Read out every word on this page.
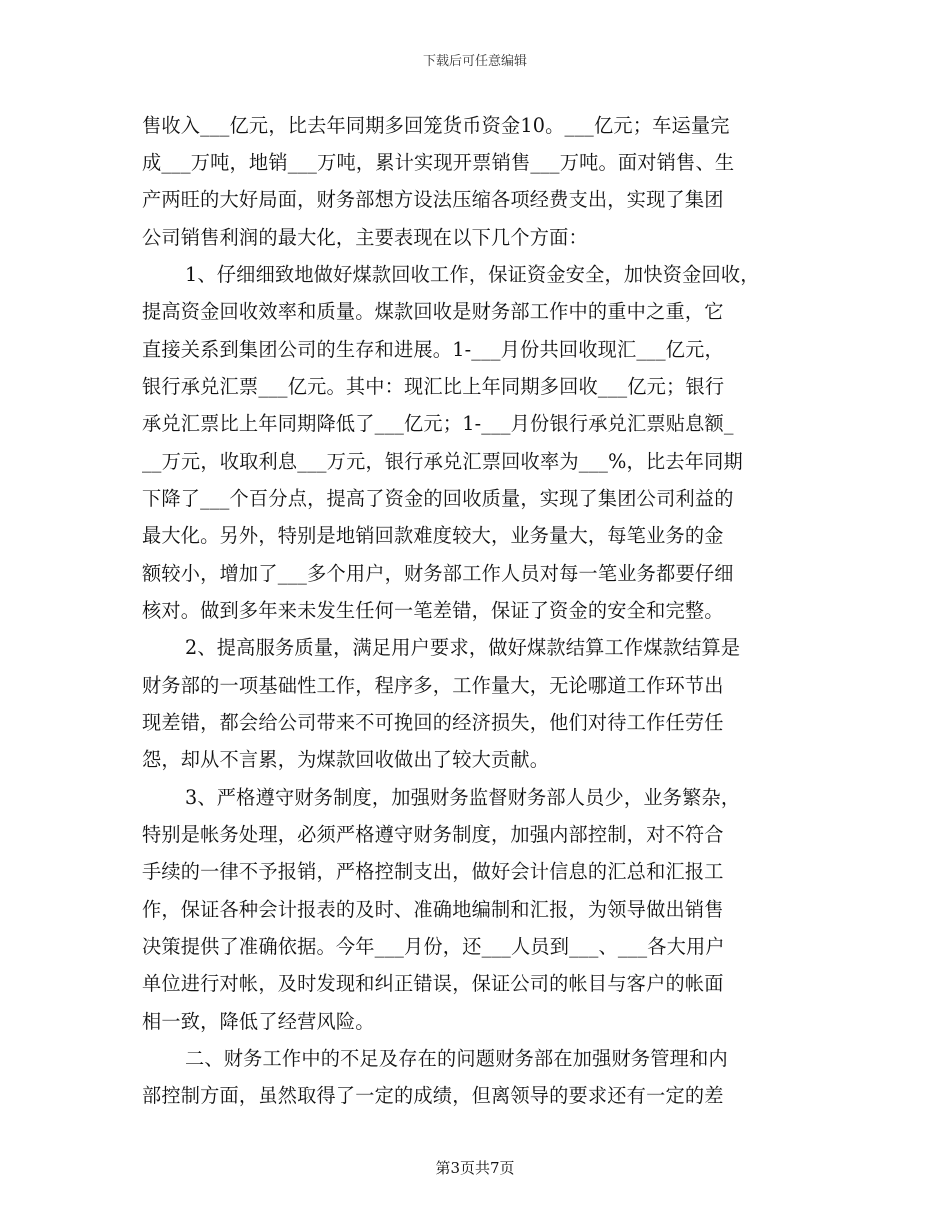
下载后可任意编辑
售收入___亿元，比去年同期多回笼货币资金10。___亿元；车运量完
成___万吨，地销___万吨，累计实现开票销售___万吨。面对销售、生
产两旺的大好局面，财务部想方设法压缩各项经费支出，实现了集团
公司销售利润的最大化，主要表现在以下几个方面：
1、仔细细致地做好煤款回收工作，保证资金安全，加快资金回收，
提高资金回收效率和质量。煤款回收是财务部工作中的重中之重，它
直接关系到集团公司的生存和进展。1-___月份共回收现汇___亿元，
银行承兑汇票___亿元。其中：现汇比上年同期多回收___亿元；银行
承兑汇票比上年同期降低了___亿元；1-___月份银行承兑汇票贴息额_
__万元，收取利息___万元，银行承兑汇票回收率为___%，比去年同期
下降了___个百分点，提高了资金的回收质量，实现了集团公司利益的
最大化。另外，特别是地销回款难度较大，业务量大，每笔业务的金
额较小，增加了___多个用户，财务部工作人员对每一笔业务都要仔细
核对。做到多年来未发生任何一笔差错，保证了资金的安全和完整。
2、提高服务质量，满足用户要求，做好煤款结算工作煤款结算是
财务部的一项基础性工作，程序多，工作量大，无论哪道工作环节出
现差错，都会给公司带来不可挽回的经济损失，他们对待工作任劳任
怨，却从不言累，为煤款回收做出了较大贡献。
3、严格遵守财务制度，加强财务监督财务部人员少，业务繁杂，
特别是帐务处理，必须严格遵守财务制度，加强内部控制，对不符合
手续的一律不予报销，严格控制支出，做好会计信息的汇总和汇报工
作，保证各种会计报表的及时、准确地编制和汇报，为领导做出销售
决策提供了准确依据。今年___月份，还___人员到___、___各大用户
单位进行对帐，及时发现和纠正错误，保证公司的帐目与客户的帐面
相一致，降低了经营风险。
二、财务工作中的不足及存在的问题财务部在加强财务管理和内
部控制方面，虽然取得了一定的成绩，但离领导的要求还有一定的差
第3页共7页
